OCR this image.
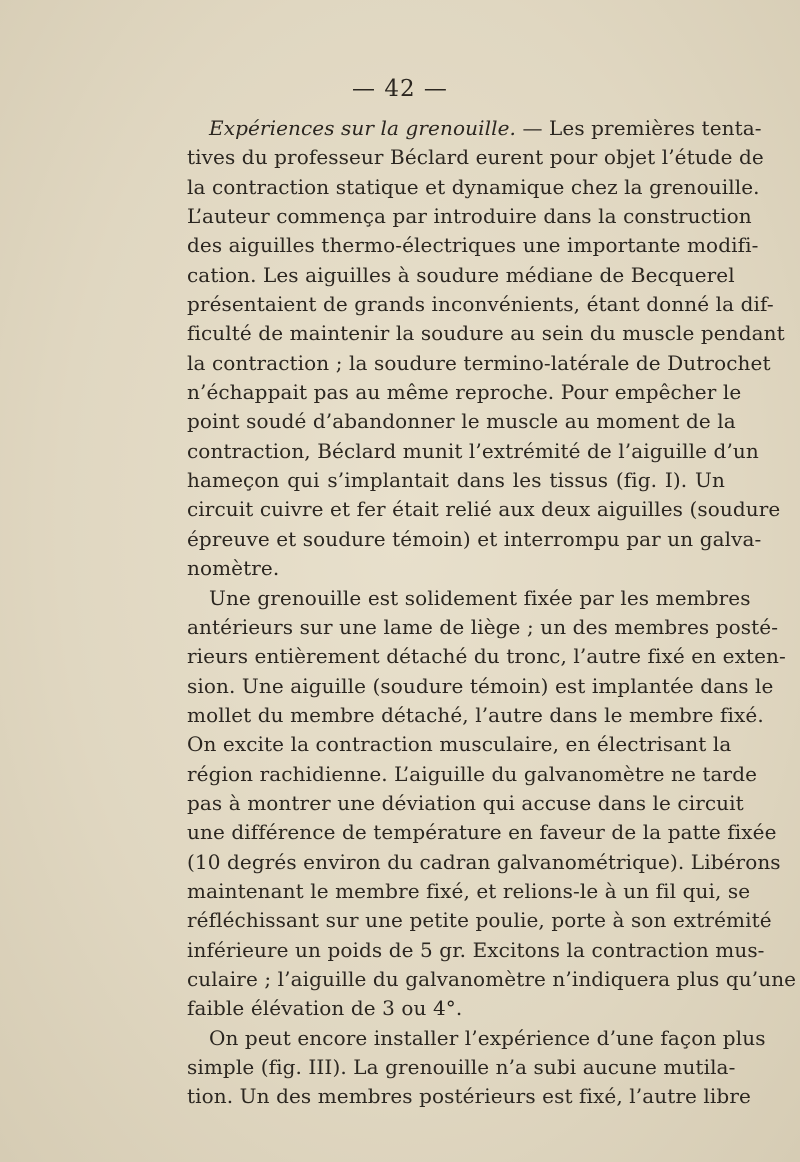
— 42 —
Expériences sur la grenouille. — Les premières tenta-
tives du professeur Béclard eurent pour objet l’étude de
la contraction statique et dynamique chez la grenouille.
L’auteur commença par introduire dans la construction
des aiguilles thermo-électriques une importante modifi-
cation. Les aiguilles à soudure médiane de Becquerel
présentaient de grands inconvénients, étant donné la dif-
ficulté de maintenir la soudure au sein du muscle pendant
la contraction ; la soudure termino-latérale de Dutrochet
n’échappait pas au même reproche. Pour empêcher le
point soudé d’abandonner le muscle au moment de la
contraction, Béclard munit l’extrémité de l’aiguille d’un
hameçon qui s’implantait dans les tissus (fig. I). Un
circuit cuivre et fer était relié aux deux aiguilles (soudure
épreuve et soudure témoin) et interrompu par un galva-
nomètre.
Une grenouille est solidement fixée par les membres
antérieurs sur une lame de liège ; un des membres posté-
rieurs entièrement détaché du tronc, l’autre fixé en exten-
sion. Une aiguille (soudure témoin) est implantée dans le
mollet du membre détaché, l’autre dans le membre fixé.
On excite la contraction musculaire, en électrisant la
région rachidienne. L’aiguille du galvanomètre ne tarde
pas à montrer une déviation qui accuse dans le circuit
une différence de température en faveur de la patte fixée
(10 degrés environ du cadran galvanométrique). Libérons
maintenant le membre fixé, et relions-le à un fil qui, se
réfléchissant sur une petite poulie, porte à son extrémité
inférieure un poids de 5 gr. Excitons la contraction mus-
culaire ; l’aiguille du galvanomètre n’indiquera plus qu’une
faible élévation de 3 ou 4°.
On peut encore installer l’expérience d’une façon plus
simple (fig. III). La grenouille n’a subi aucune mutila-
tion. Un des membres postérieurs est fixé, l’autre libre
